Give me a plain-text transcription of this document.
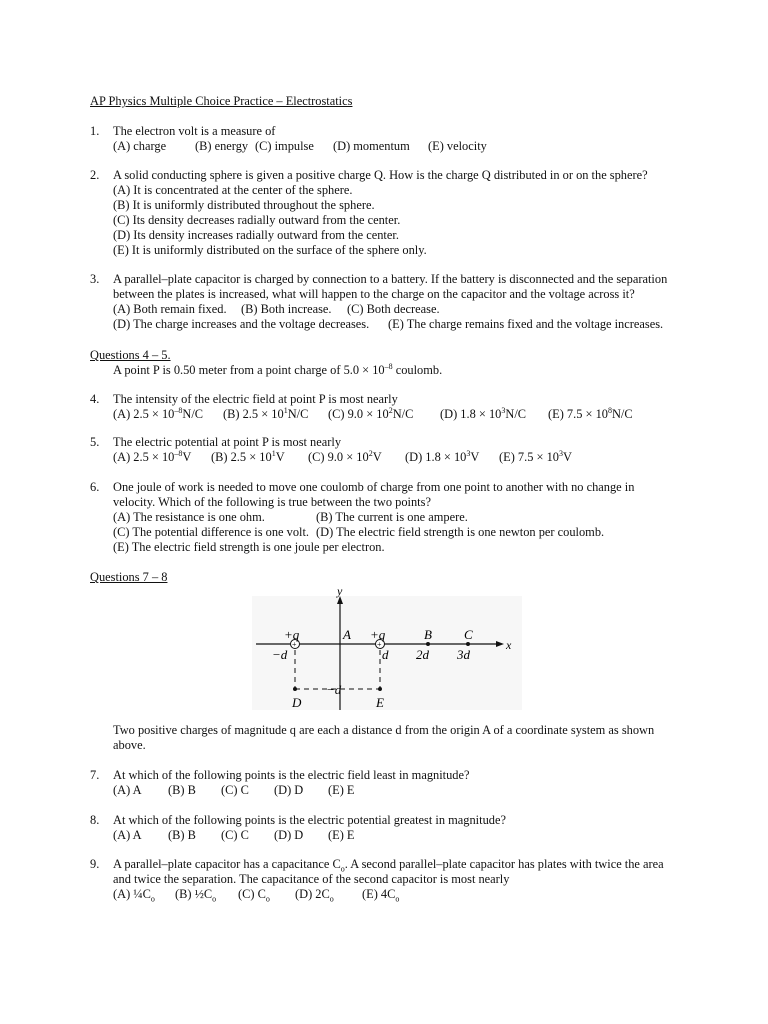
AP Physics Multiple Choice Practice – Electrostatics
1.	The electron volt is a measure of
(A) charge	(B) energy (C) impulse	(D) momentum	(E) velocity
2.	A solid conducting sphere is given a positive charge Q. How is the charge Q distributed in or on the sphere?
(A) It is concentrated at the center of the sphere.
(B) It is uniformly distributed throughout the sphere.
(C) Its density decreases radially outward from the center.
(D) Its density increases radially outward from the center.
(E) It is uniformly distributed on the surface of the sphere only.
3.	A parallel–plate capacitor is charged by connection to a battery. If the battery is disconnected and the separation between the plates is increased, what will happen to the charge on the capacitor and the voltage across it?
(A) Both remain fixed.	(B) Both increase.	(C) Both decrease.
(D) The charge increases and the voltage decreases.	(E) The charge remains fixed and the voltage increases.
Questions 4 – 5.
A point P is 0.50 meter from a point charge of $5.0 \times 10^{-8}$ coulomb.
4.	The intensity of the electric field at point P is most nearly
(A) $2.5 \times 10^{-8}N/C$	(B) $2.5 \times 10^1N/C$	(C) $9.0 \times 10^2N/C$	(D) $1.8 \times 10^3N/C$	(E) $7.5 \times 10^8N/C$
5.	The electric potential at point P is most nearly
(A) $2.5 \times 10^{-8}V$	(B) $2.5 \times 10^1V$	(C) $9.0 \times 10^2V$	(D) $1.8 \times 10^3V$	(E) $7.5 \times 10^3V$
6.	One joule of work is needed to move one coulomb of charge from one point to another with no change in velocity. Which of the following is true between the two points?
(A) The resistance is one ohm.	(B) The current is one ampere.
(C) The potential difference is one volt. (D) The electric field strength is one newton per coulomb.
(E) The electric field strength is one joule per electron.
Questions 7 – 8
y
x
+	+
+q	+q
A	B C
−d	d 2d 3d
−d
D	E
Two positive charges of magnitude q are each a distance d from the origin A of a coordinate system as shown above.
7.	At which of the following points is the electric field least in magnitude?
(A) A	(B) B	(C) C	(D) D	(E) E
8.	At which of the following points is the electric potential greatest in magnitude?
(A) A	(B) B	(C) C	(D) D	(E) E
9.	A parallel–plate capacitor has a capacitance $C_o$. A second parallel–plate capacitor has plates with twice the area and twice the separation. The capacitance of the second capacitor is most nearly
(A) $\frac{1}{4}C_o$	(B) $\frac{1}{2}C_o$	(C) $C_o$	(D) $2C_o$	(E) $4C_o$
